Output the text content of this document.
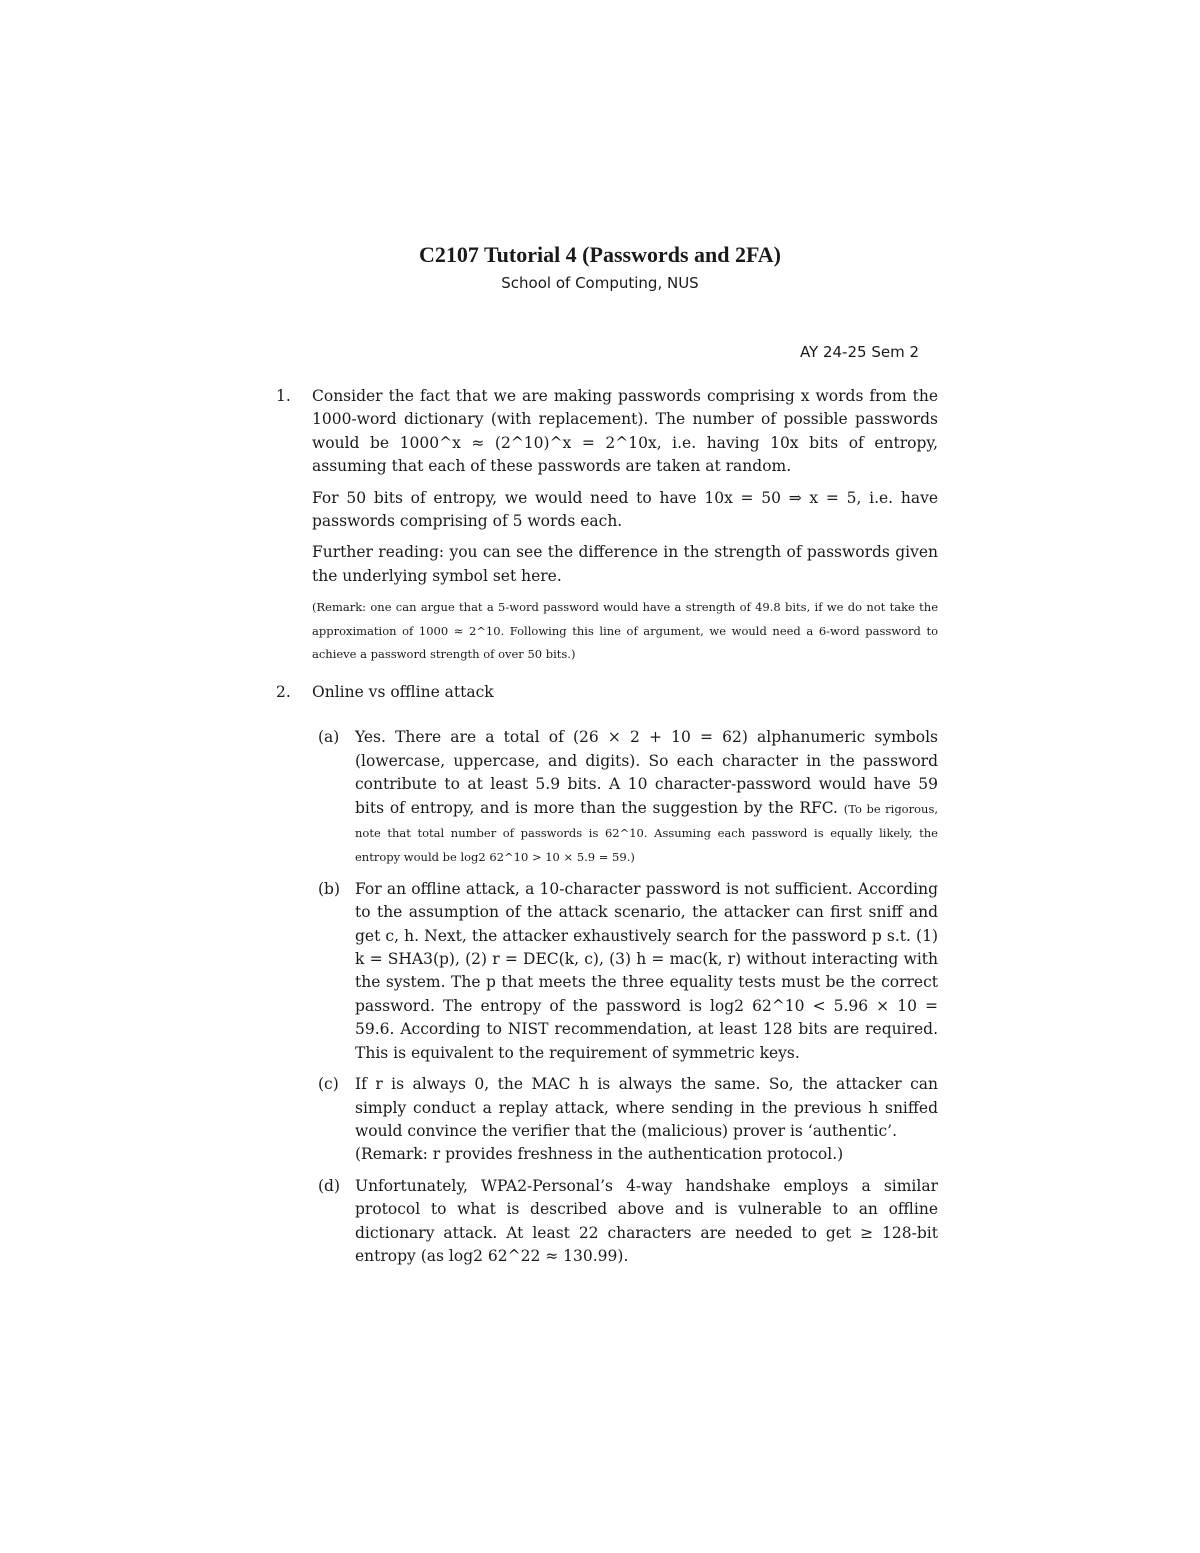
C2107 Tutorial 4 (Passwords and 2FA)
School of Computing, NUS
AY 24-25 Sem 2
1. Consider the fact that we are making passwords comprising x words from the 1000-word dictionary (with replacement). The number of possible passwords would be 1000^x ≈ (2^10)^x = 2^10x, i.e. having 10x bits of entropy, assuming that each of these passwords are taken at random.

For 50 bits of entropy, we would need to have 10x = 50 ⇒ x = 5, i.e. have passwords comprising of 5 words each.

Further reading: you can see the difference in the strength of passwords given the underlying symbol set here.

(Remark: one can argue that a 5-word password would have a strength of 49.8 bits, if we do not take the approximation of 1000 ≈ 2^10. Following this line of argument, we would need a 6-word password to achieve a password strength of over 50 bits.)

2. Online vs offline attack

(a) Yes. There are a total of (26 × 2 + 10 = 62) alphanumeric symbols (lowercase, uppercase, and digits). So each character in the password contribute to at least 5.9 bits. A 10 character-password would have 59 bits of entropy, and is more than the suggestion by the RFC. (To be rigorous, note that total number of passwords is 62^10. Assuming each password is equally likely, the entropy would be log2 62^10 > 10 × 5.9 = 59.)
(b) For an offline attack, a 10-character password is not sufficient. According to the assumption of the attack scenario, the attacker can first sniff and get c, h. Next, the attacker exhaustively search for the password p s.t. (1) k = SHA3(p), (2) r = DEC(k, c), (3) h = mac(k, r) without interacting with the system. The p that meets the three equality tests must be the correct password. The entropy of the password is log2 62^10 < 5.96 × 10 = 59.6. According to NIST recommendation, at least 128 bits are required. This is equivalent to the requirement of symmetric keys.
(c) If r is always 0, the MAC h is always the same. So, the attacker can simply conduct a replay attack, where sending in the previous h sniffed would convince the verifier that the (malicious) prover is ‘authentic’.
(Remark: r provides freshness in the authentication protocol.)
(d) Unfortunately, WPA2-Personal’s 4-way handshake employs a similar protocol to what is described above and is vulnerable to an offline dictionary attack. At least 22 characters are needed to get ≥ 128-bit entropy (as log2 62^22 ≈ 130.99).
